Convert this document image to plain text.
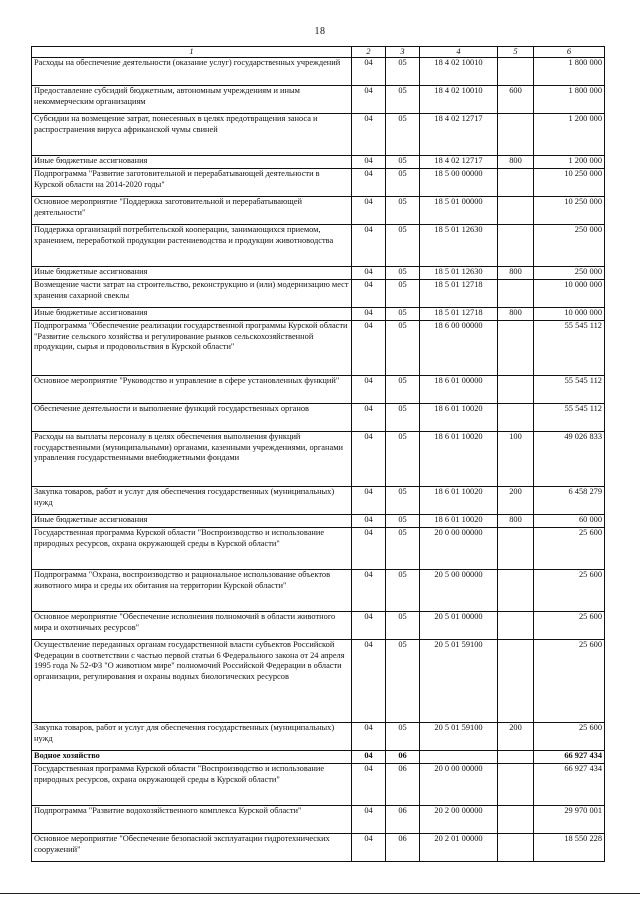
18
1	2	3	4	5	6
Расходы на обеспечение деятельности (оказание услуг) государственных учреждений	04	05	18 4 02 10010		1 800 000
Предоставление субсидий бюджетным, автономным учреждениям и иным некоммерческим организациям	04	05	18 4 02 10010	600	1 800 000
Субсидии на возмещение затрат, понесенных в целях предотвращения заноса и распространения вируса африканской чумы свиней	04	05	18 4 02 12717		1 200 000
Иные бюджетные ассигнования	04	05	18 4 02 12717	800	1 200 000
Подпрограмма "Развитие заготовительной и перерабатывающей деятельности в Курской области на 2014-2020 годы"	04	05	18 5 00 00000		10 250 000
Основное мероприятие "Поддержка заготовительной и перерабатывающей деятельности"	04	05	18 5 01 00000		10 250 000
Поддержка организаций потребительской кооперации, занимающихся приемом, хранением, переработкой продукции растениеводства и продукции животноводства	04	05	18 5 01 12630		250 000
Иные бюджетные ассигнования	04	05	18 5 01 12630	800	250 000
Возмещение части затрат на строительство, реконструкцию и (или) модернизацию мест хранения сахарной свеклы	04	05	18 5 01 12718		10 000 000
Иные бюджетные ассигнования	04	05	18 5 01 12718	800	10 000 000
Подпрограмма "Обеспечение реализации государственной программы Курской области "Развитие сельского хозяйства и регулирование рынков сельскохозяйственной продукции, сырья и продовольствия в Курской области"	04	05	18 6 00 00000		55 545 112
Основное мероприятие "Руководство и управление в сфере установленных функций"	04	05	18 6 01 00000		55 545 112
Обеспечение деятельности и выполнение функций государственных органов	04	05	18 6 01 10020		55 545 112
Расходы на выплаты персоналу в целях обеспечения выполнения функций государственными (муниципальными) органами, казенными учреждениями, органами управления государственными внебюджетными фондами	04	05	18 6 01 10020	100	49 026 833
Закупка товаров, работ и услуг для обеспечения государственных (муниципальных) нужд	04	05	18 6 01 10020	200	6 458 279
Иные бюджетные ассигнования	04	05	18 6 01 10020	800	60 000
Государственная программа Курской области "Воспроизводство и использование природных ресурсов, охрана окружающей среды в Курской области"	04	05	20 0 00 00000		25 600
Подпрограмма "Охрана, воспроизводство и рациональное использование объектов животного мира и среды их обитания на территории Курской области"	04	05	20 5 00 00000		25 600
Основное мероприятие "Обеспечение исполнения полномочий в области животного мира и охотничьих ресурсов"	04	05	20 5 01 00000		25 600
Осуществление переданных органам государственной власти субъектов Российской Федерации в соответствии с частью первой статьи 6 Федерального закона от 24 апреля 1995 года № 52-ФЗ "О животном мире" полномочий Российской Федерации в области организации, регулирования и охраны водных биологических ресурсов	04	05	20 5 01 59100		25 600
Закупка товаров, работ и услуг для обеспечения государственных (муниципальных) нужд	04	05	20 5 01 59100	200	25 600
Водное хозяйство	04	06			66 927 434
Государственная программа Курской области "Воспроизводство и использование природных ресурсов, охрана окружающей среды в Курской области"	04	06	20 0 00 00000		66 927 434
Подпрограмма "Развитие водохозяйственного комплекса Курской области"	04	06	20 2 00 00000		29 970 001
Основное мероприятие "Обеспечение безопасной эксплуатации гидротехнических сооружений"	04	06	20 2 01 00000		18 550 228
